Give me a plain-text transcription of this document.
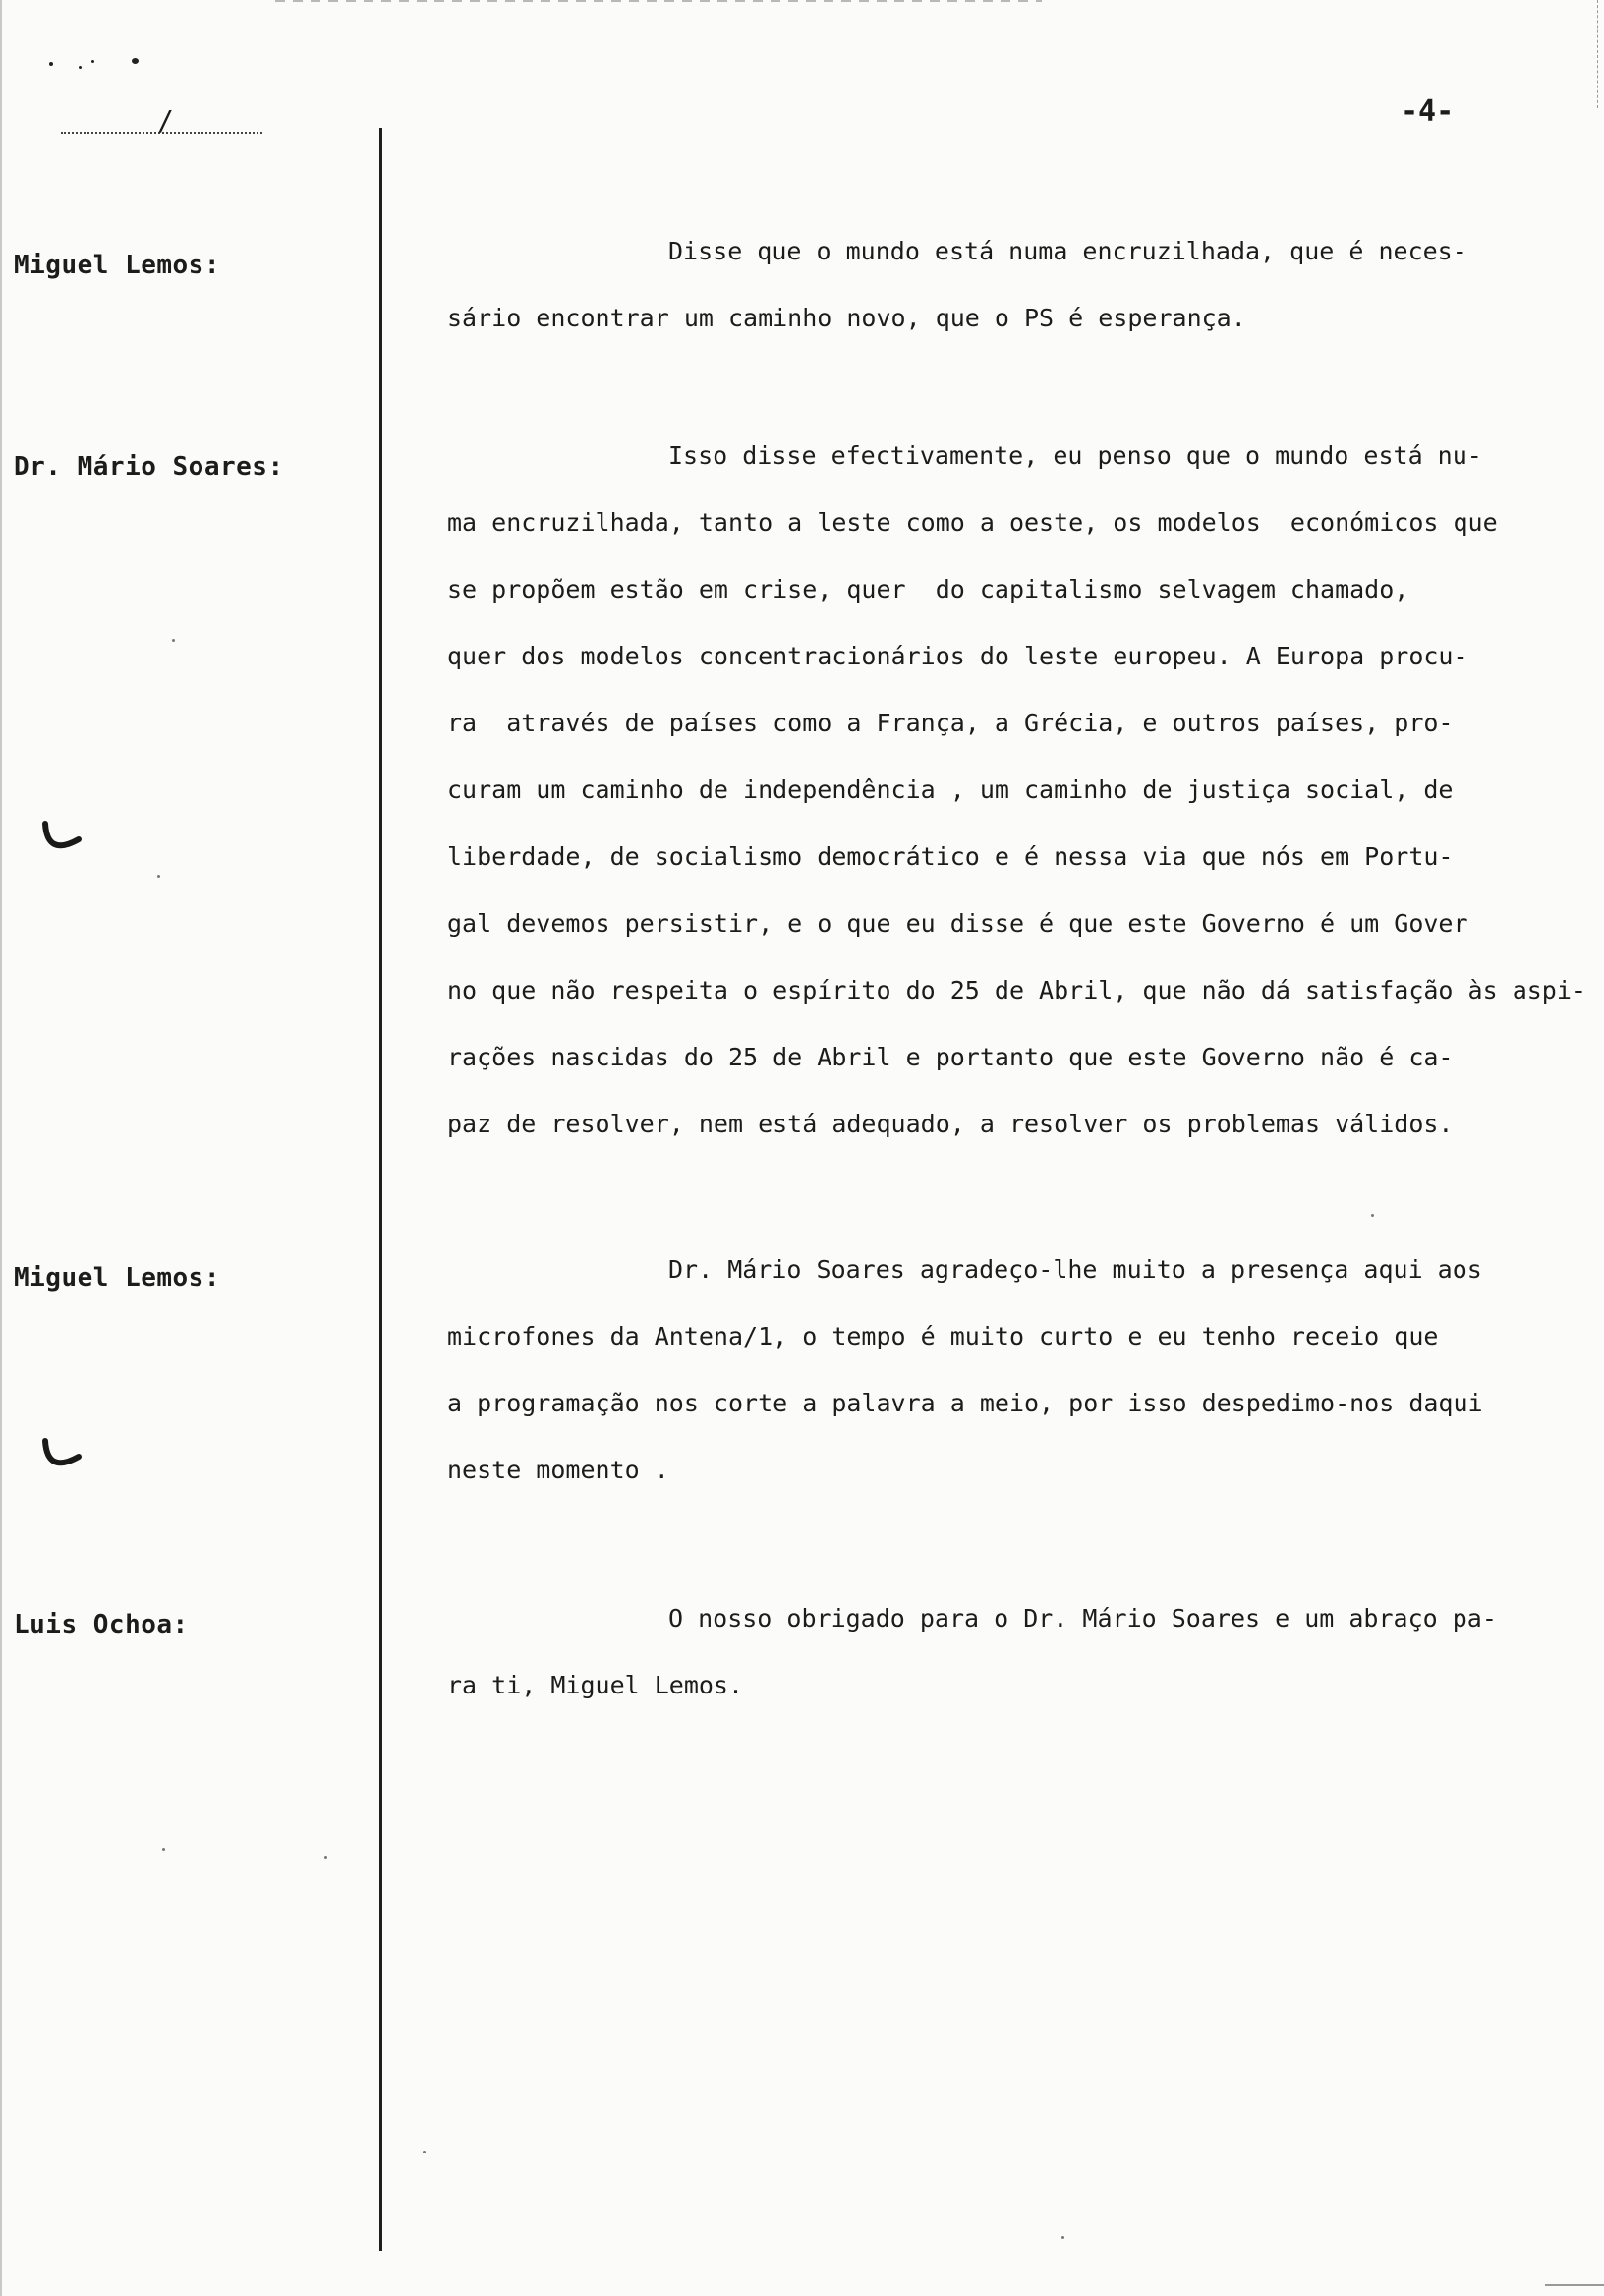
/	-4-
Miguel Lemos:
Dr. Mário Soares:
Miguel Lemos:
Luis Ochoa:
Disse que o mundo está numa encruzilhada, que é neces-
sário encontrar um caminho novo, que o PS é esperança.
Isso disse efectivamente, eu penso que o mundo está nu-
ma encruzilhada, tanto a leste como a oeste, os modelos  económicos que
se propõem estão em crise, quer  do capitalismo selvagem chamado,
quer dos modelos concentracionários do leste europeu. A Europa procu-
ra  através de países como a França, a Grécia, e outros países, pro-
curam um caminho de independência , um caminho de justiça social, de
liberdade, de socialismo democrático e é nessa via que nós em Portu-
gal devemos persistir, e o que eu disse é que este Governo é um Gover
no que não respeita o espírito do 25 de Abril, que não dá satisfação às aspi-
rações nascidas do 25 de Abril e portanto que este Governo não é ca-
paz de resolver, nem está adequado, a resolver os problemas válidos.
Dr. Mário Soares agradeço-lhe muito a presença aqui aos
microfones da Antena/1, o tempo é muito curto e eu tenho receio que
a programação nos corte a palavra a meio, por isso despedimo-nos daqui
neste momento .
O nosso obrigado para o Dr. Mário Soares e um abraço pa-
ra ti, Miguel Lemos.
